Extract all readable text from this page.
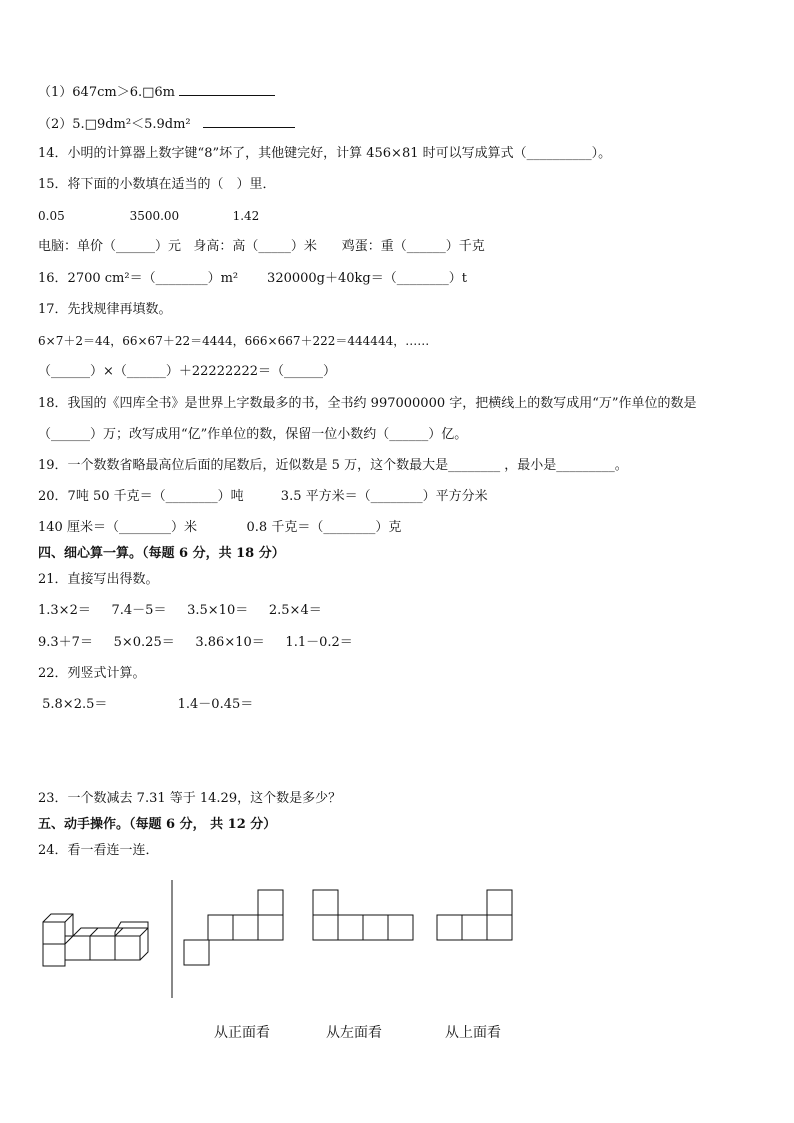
（1）647cm＞6.□6m
（2）5.□9dm²＜5.9dm²
14．小明的计算器上数字键“8”坏了，其他键完好，计算 456×81 时可以写成算式（__________）。
15．将下面的小数填在适当的（　）里．
0.05                 3500.00              1.42
电脑：单价（______）元   身高：高（_____）米      鸡蛋：重（______）千克
16．2700 cm²＝（________）m²       320000g＋40kg＝（________）t
17．先找规律再填数。
6×7＋2＝44，66×67＋22＝4444，666×667＋222＝444444，……
（______）×（______）＋22222222＝（______）
18．我国的《四库全书》是世界上字数最多的书，全书约 997000000 字，把横线上的数写成用“万”作单位的数是
（______）万；改写成用“亿”作单位的数，保留一位小数约（______）亿。
19．一个数数省略最高位后面的尾数后，近似数是 5 万，这个数最大是________ ，最小是_________。
20．7吨 50 千克＝（________）吨         3.5 平方米＝（________）平方分米
140 厘米＝（________）米            0.8 千克＝（________）克
四、细心算一算。（每题 6 分，共 18 分）
21．直接写出得数。
1.3×2＝     7.4－5＝     3.5×10＝     2.5×4＝
9.3＋7＝     5×0.25＝     3.86×10＝     1.1－0.2＝
22．列竖式计算。
5.8×2.5＝                 1.4－0.45＝
23．一个数减去 7.31 等于 14.29，这个数是多少？
五、动手操作。（每题 6 分， 共 12 分）
24．看一看连一连．
从正面看	从左面看	从上面看
